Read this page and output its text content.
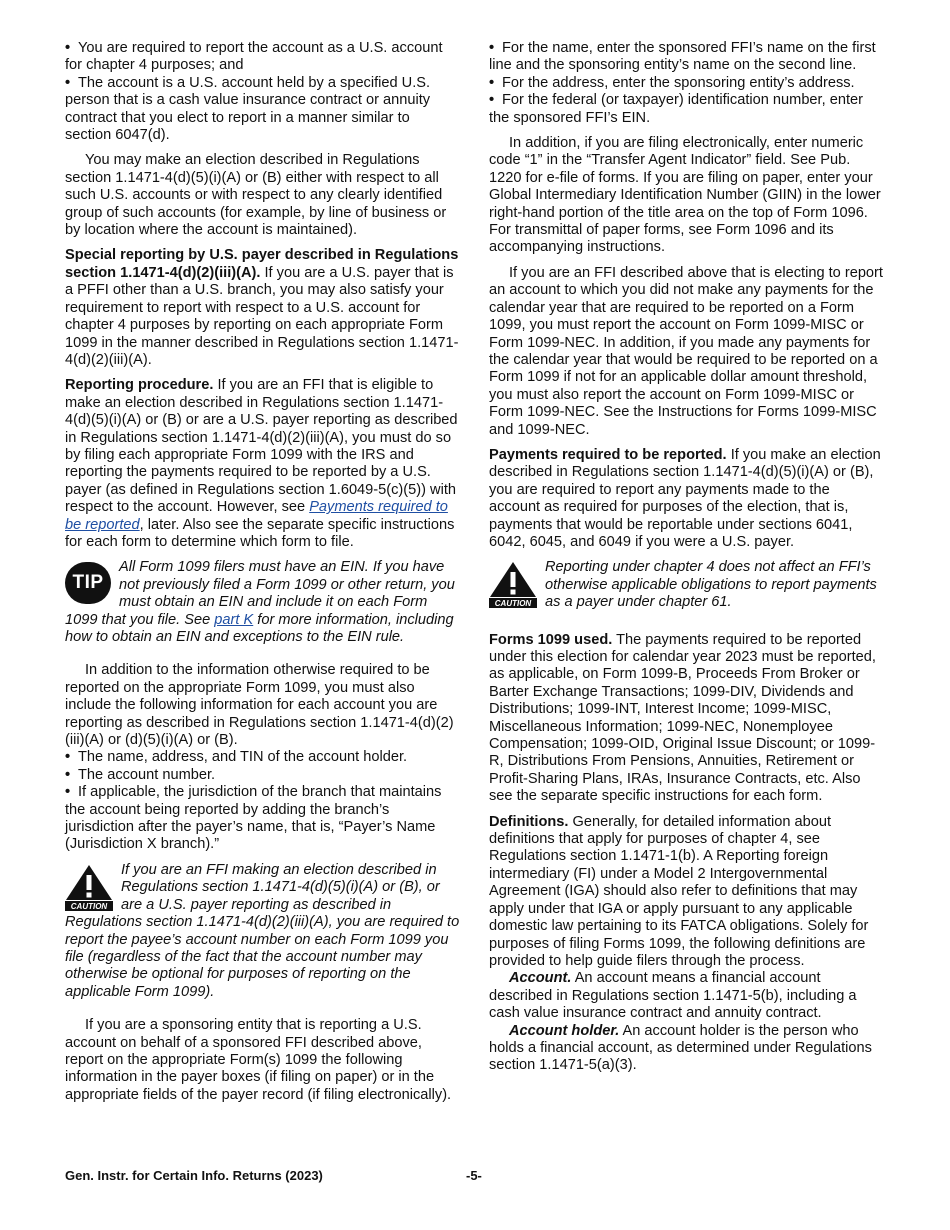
• You are required to report the account as a U.S. account for chapter 4 purposes; and

• The account is a U.S. account held by a specified U.S. person that is a cash value insurance contract or annuity contract that you elect to report in a manner similar to section 6047(d).

You may make an election described in Regulations section 1.1471-4(d)(5)(i)(A) or (B) either with respect to all such U.S. accounts or with respect to any clearly identified group of such accounts (for example, by line of business or by location where the account is maintained).

Special reporting by U.S. payer described in Regulations section 1.1471-4(d)(2)(iii)(A). If you are a U.S. payer that is a PFFI other than a U.S. branch, you may also satisfy your requirement to report with respect to a U.S. account for chapter 4 purposes by reporting on each appropriate Form 1099 in the manner described in Regulations section 1.1471-4(d)(2)(iii)(A).

Reporting procedure. If you are an FFI that is eligible to make an election described in Regulations section 1.1471-4(d)(5)(i)(A) or (B) or are a U.S. payer reporting as described in Regulations section 1.1471-4(d)(2)(iii)(A), you must do so by filing each appropriate Form 1099 with the IRS and reporting the payments required to be reported by a U.S. payer (as defined in Regulations section 1.6049-5(c)(5)) with respect to the account. However, see Payments required to be reported, later. Also see the separate specific instructions for each form to determine which form to file.

TIP
All Form 1099 filers must have an EIN. If you have not previously filed a Form 1099 or other return, you must obtain an EIN and include it on each Form 1099 that you file. See part K for more information, including how to obtain an EIN and exceptions to the EIN rule.

In addition to the information otherwise required to be reported on the appropriate Form 1099, you must also include the following information for each account you are reporting as described in Regulations section 1.1471-4(d)(2)(iii)(A) or (d)(5)(i)(A) or (B).

• The name, address, and TIN of the account holder.

• The account number.

• If applicable, the jurisdiction of the branch that maintains the account being reported by adding the branch’s jurisdiction after the payer’s name, that is, “Payer’s Name (Jurisdiction X branch).”

CAUTION
If you are an FFI making an election described in Regulations section 1.1471-4(d)(5)(i)(A) or (B), or are a U.S. payer reporting as described in Regulations section 1.1471-4(d)(2)(iii)(A), you are required to report the payee’s account number on each Form 1099 you file (regardless of the fact that the account number may otherwise be optional for purposes of reporting on the applicable Form 1099).

If you are a sponsoring entity that is reporting a U.S. account on behalf of a sponsored FFI described above, report on the appropriate Form(s) 1099 the following information in the payer boxes (if filing on paper) or in the appropriate fields of the payer record (if filing electronically).

• For the name, enter the sponsored FFI’s name on the first line and the sponsoring entity’s name on the second line.

• For the address, enter the sponsoring entity’s address.

• For the federal (or taxpayer) identification number, enter the sponsored FFI’s EIN.

In addition, if you are filing electronically, enter numeric code “1” in the “Transfer Agent Indicator” field. See Pub. 1220 for e-file of forms. If you are filing on paper, enter your Global Intermediary Identification Number (GIIN) in the lower right-hand portion of the title area on the top of Form 1096. For transmittal of paper forms, see Form 1096 and its accompanying instructions.

If you are an FFI described above that is electing to report an account to which you did not make any payments for the calendar year that are required to be reported on a Form 1099, you must report the account on Form 1099-MISC or Form 1099-NEC. In addition, if you made any payments for the calendar year that would be required to be reported on a Form 1099 if not for an applicable dollar amount threshold, you must also report the account on Form 1099-MISC or Form 1099-NEC. See the Instructions for Forms 1099-MISC and 1099-NEC.

Payments required to be reported. If you make an election described in Regulations section 1.1471-4(d)(5)(i)(A) or (B), you are required to report any payments made to the account as required for purposes of the election, that is, payments that would be reportable under sections 6041, 6042, 6045, and 6049 if you were a U.S. payer.

CAUTION
Reporting under chapter 4 does not affect an FFI’s otherwise applicable obligations to report payments as a payer under chapter 61.

Forms 1099 used. The payments required to be reported under this election for calendar year 2023 must be reported, as applicable, on Form 1099-B, Proceeds From Broker or Barter Exchange Transactions; 1099-DIV, Dividends and Distributions; 1099-INT, Interest Income; 1099-MISC, Miscellaneous Information; 1099-NEC, Nonemployee Compensation; 1099-OID, Original Issue Discount; or 1099-R, Distributions From Pensions, Annuities, Retirement or Profit-Sharing Plans, IRAs, Insurance Contracts, etc. Also see the separate specific instructions for each form.

Definitions. Generally, for detailed information about definitions that apply for purposes of chapter 4, see Regulations section 1.1471-1(b). A Reporting foreign intermediary (FI) under a Model 2 Intergovernmental Agreement (IGA) should also refer to definitions that may apply under that IGA or apply pursuant to any applicable domestic law pertaining to its FATCA obligations. Solely for purposes of filing Forms 1099, the following definitions are provided to help guide filers through the process.

Account. An account means a financial account described in Regulations section 1.1471-5(b), including a cash value insurance contract and annuity contract.

Account holder. An account holder is the person who holds a financial account, as determined under Regulations section 1.1471-5(a)(3).

Gen. Instr. for Certain Info. Returns (2023)	-5-
